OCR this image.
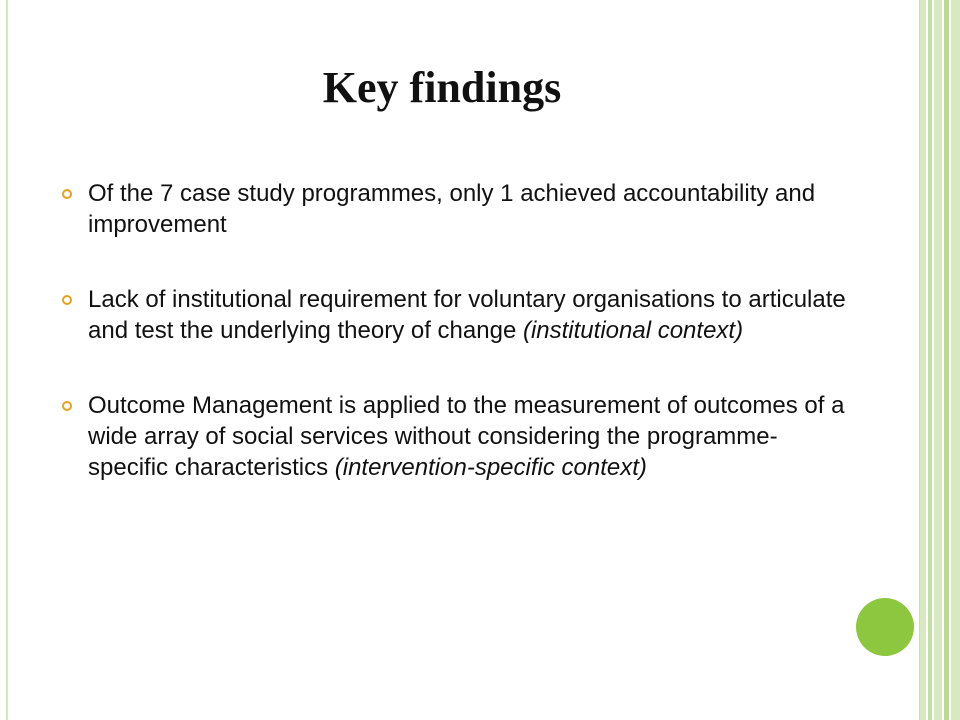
Key findings
Of the 7 case study programmes, only 1 achieved accountability and improvement
Lack of institutional requirement for voluntary organisations to articulate and test the underlying theory of change (institutional context)
Outcome Management is applied to the measurement of outcomes of a wide array of social services without considering the programme-specific characteristics (intervention-specific context)
